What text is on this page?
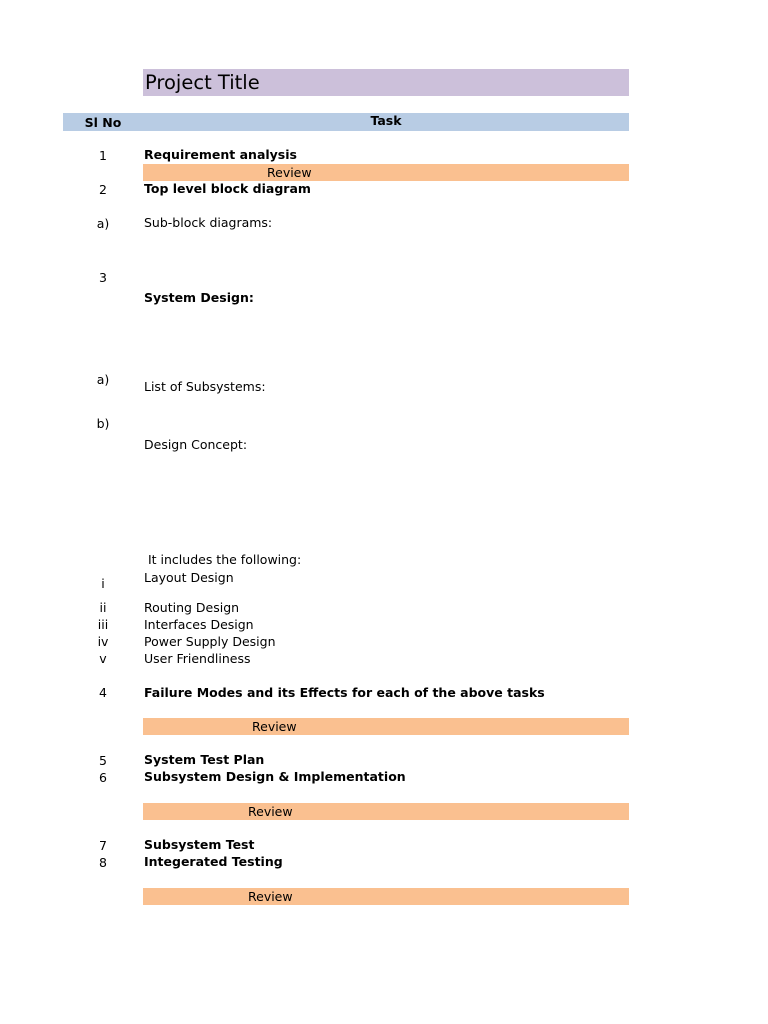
Project Title
Sl No	Task
1
2
a)
3
a)
b)
i
ii
iii
iv
v
4
5
6
7
8
Requirement analysis
Top level block diagram
Sub-block diagrams:
System Design:
List of Subsystems:
Design Concept:
It includes the following:
Layout Design
Routing Design
Interfaces Design
Power Supply Design
User Friendliness
Failure Modes and its Effects for each of the above tasks
System Test Plan
Subsystem Design & Implementation
Subsystem Test
Integerated Testing
Review
Review
Review
Review
